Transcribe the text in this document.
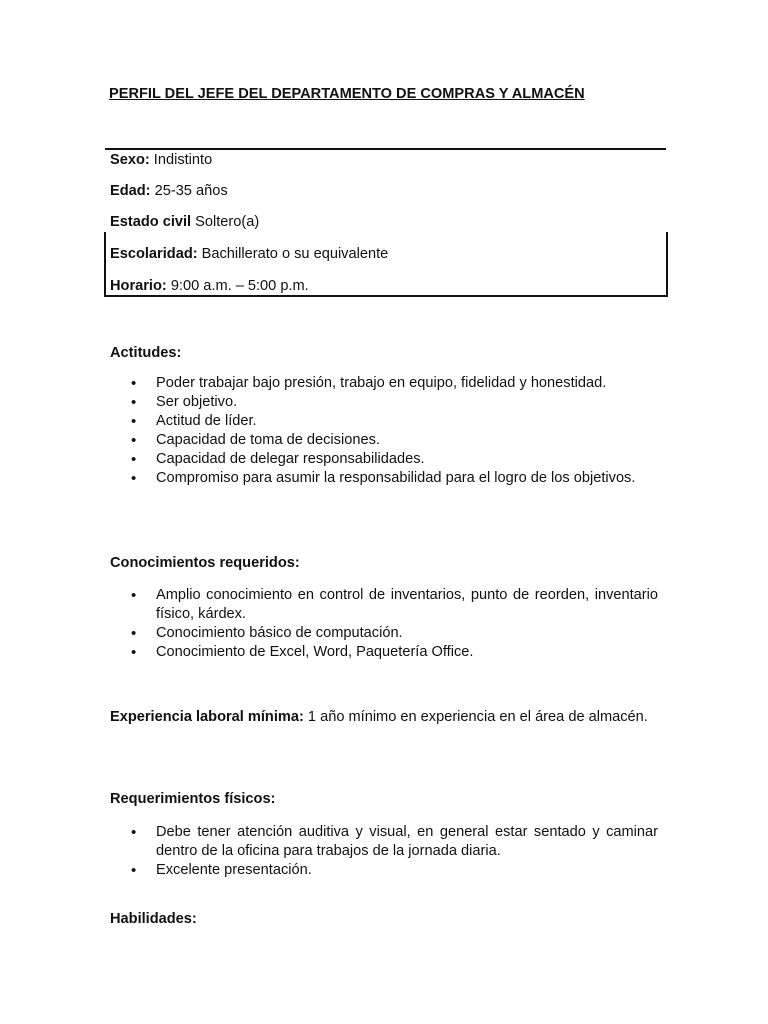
PERFIL DEL JEFE DEL DEPARTAMENTO DE COMPRAS Y ALMACÉN

Sexo: Indistinto

Edad: 25-35 años

Estado civil Soltero(a)

Escolaridad: Bachillerato o su equivalente

Horario: 9:00 a.m. – 5:00 p.m.

Actitudes:
• Poder trabajar bajo presión, trabajo en equipo, fidelidad y honestidad.
• Ser objetivo.
• Actitud de líder.
• Capacidad de toma de decisiones.
• Capacidad de delegar responsabilidades.
• Compromiso para asumir la responsabilidad para el logro de los objetivos.
Conocimientos requeridos:
• Amplio conocimiento en control de inventarios, punto de reorden, inventario físico, kárdex.
• Conocimiento básico de computación.
• Conocimiento de Excel, Word, Paquetería Office.

Experiencia laboral mínima: 1 año mínimo en experiencia en el área de almacén.

Requerimientos físicos:
• Debe tener atención auditiva y visual, en general estar sentado y caminar dentro de la oficina para trabajos de la jornada diaria.
• Excelente presentación.
Habilidades:
